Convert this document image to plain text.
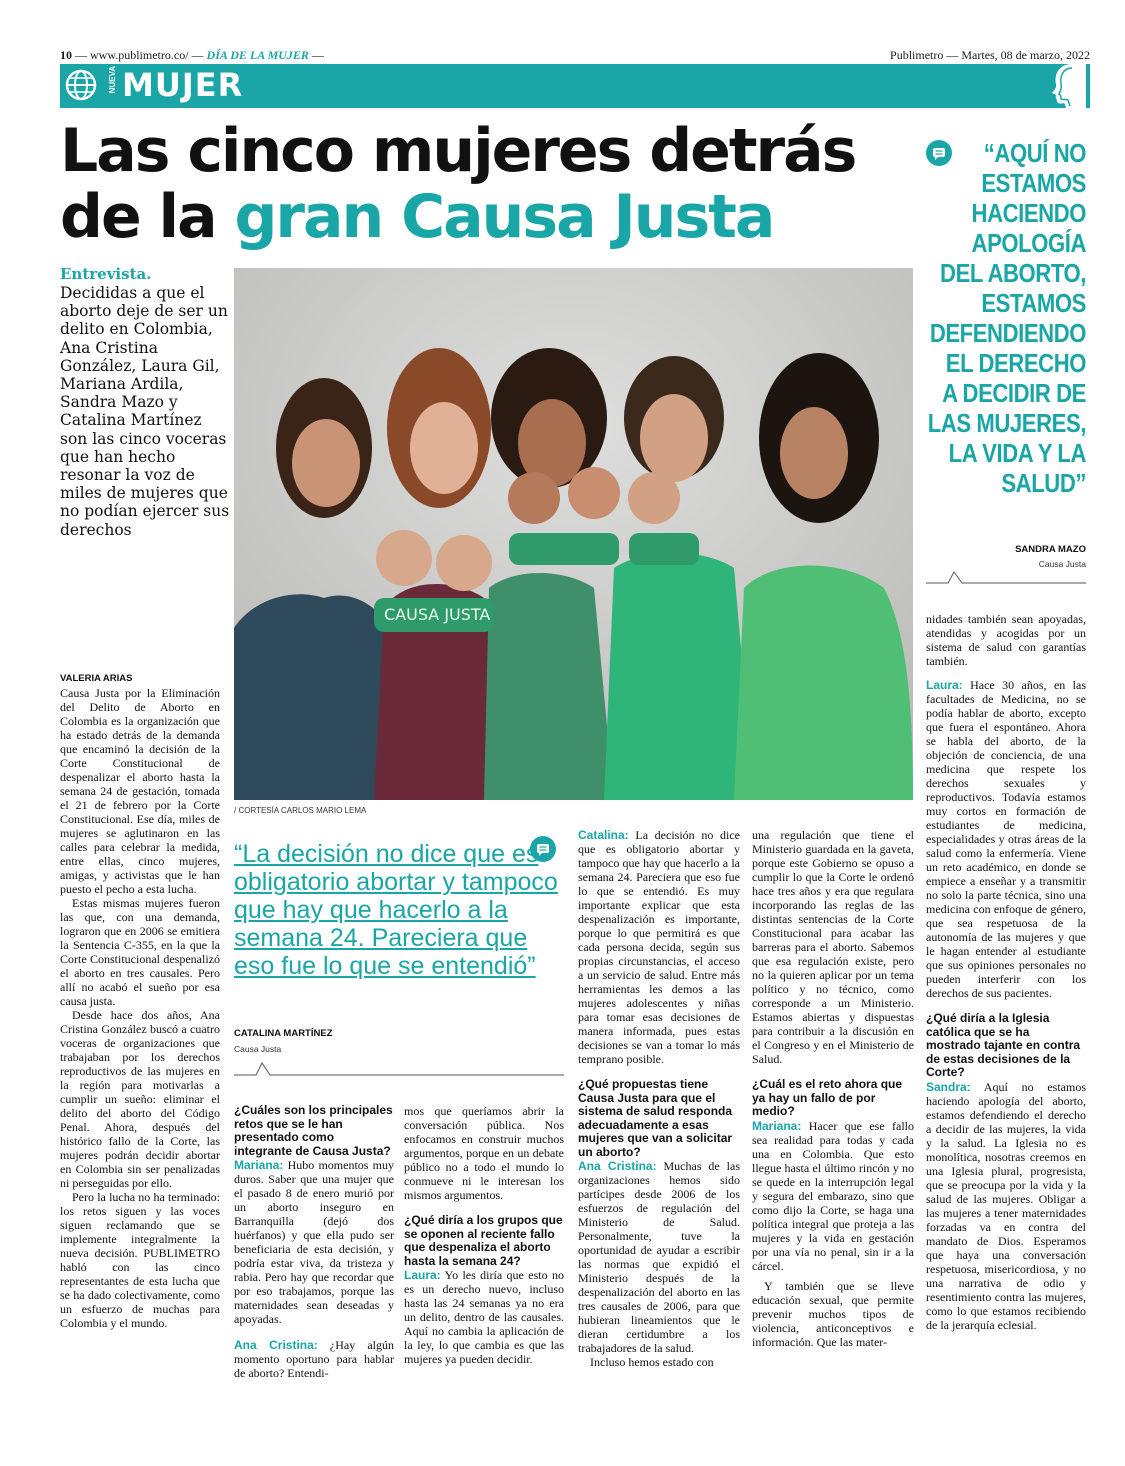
10 — www.publimetro.co/ — DÍA DE LA MUJER —	Publimetro — Martes, 08 de marzo, 2022
NUEVA MUJER
Las cinco mujeres detrás
de la gran Causa Justa
Entrevista.
Decididas a que el aborto deje de ser un delito en Colombia, Ana Cristina González, Laura Gil, Mariana Ardila, Sandra Mazo y Catalina Martínez son las cinco voceras que han hecho resonar la voz de miles de mujeres que no podían ejercer sus derechos
CAUSA JUSTA
/ CORTESÍA CARLOS MARIO LEMA
“AQUÍ NO ESTAMOS HACIENDO APOLOGÍA DEL ABORTO, ESTAMOS DEFENDIENDO EL DERECHO A DECIDIR DE LAS MUJERES, LA VIDA Y LA SALUD”
SANDRA MAZO
Causa Justa
VALERIA ARIAS

Causa Justa por la Eliminación del Delito de Aborto en Colombia es la organización que ha estado detrás de la demanda que encaminó la decisión de la Corte Constitucional de despenalizar el aborto hasta la semana 24 de gestación, tomada el 21 de febrero por la Corte Constitucional. Ese día, miles de mujeres se aglutinaron en las calles para celebrar la medida, entre ellas, cinco mujeres, amigas, y activistas que le han puesto el pecho a esta lucha.

Estas mismas mujeres fueron las que, con una demanda, lograron que en 2006 se emitiera la Sentencia C-355, en la que la Corte Constitucional despenalizó el aborto en tres causales. Pero allí no acabó el sueño por esa causa justa.

Desde hace dos años, Ana Cristina González buscó a cuatro voceras de organizaciones que trabajaban por los derechos reproductivos de las mujeres en la región para motivarlas a cumplir un sueño: eliminar el delito del aborto del Código Penal. Ahora, después del histórico fallo de la Corte, las mujeres podrán decidir abortar en Colombia sin ser penalizadas ni perseguidas por ello.

Pero la lucha no ha terminado: los retos siguen y las voces siguen reclamando que se implemente integralmente la nueva decisión. PUBLIMETRO habló con las cinco representantes de esta lucha que se ha dado colectivamente, como un esfuerzo de muchas para Colombia y el mundo.

“La decisión no dice que es obligatorio abortar y tampoco que hay que hacerlo a la semana 24. Pareciera que eso fue lo que se entendió”
CATALINA MARTÍNEZ
Causa Justa

¿Cuáles son los principales retos que se le han presentado como integrante de Causa Justa?

Mariana: Hubo momentos muy duros. Saber que una mujer que el pasado 8 de enero murió por un aborto inseguro en Barranquilla (dejó dos huérfanos) y que ella pudo ser beneficiaria de esta decisión, y podría estar viva, da tristeza y rabia. Pero hay que recordar que por eso trabajamos, porque las maternidades sean deseadas y apoyadas.

Ana Cristina: ¿Hay algún momento oportuno para hablar de aborto? Entendi-

mos que queríamos abrir la conversación pública. Nos enfocamos en construir muchos argumentos, porque en un debate público no a todo el mundo lo conmueve ni le interesan los mismos argumentos.

¿Qué diría a los grupos que se oponen al reciente fallo que despenaliza el aborto hasta la semana 24?

Laura: Yo les diría que esto no es un derecho nuevo, incluso hasta las 24 semanas ya no era un delito, dentro de las causales. Aquí no cambia la aplicación de la ley, lo que cambia es que las mujeres ya pueden decidir.

Catalina: La decisión no dice que es obligatorio abortar y tampoco que hay que hacerlo a la semana 24. Pareciera que eso fue lo que se entendió. Es muy importante explicar que esta despenalización es importante, porque lo que permitirá es que cada persona decida, según sus propias circunstancias, el acceso a un servicio de salud. Entre más herramientas les demos a las mujeres adolescentes y niñas para tomar esas decisiones de manera informada, pues estas decisiones se van a tomar lo más temprano posible.

¿Qué propuestas tiene Causa Justa para que el sistema de salud responda adecuadamente a esas mujeres que van a solicitar un aborto?

Ana Cristina: Muchas de las organizaciones hemos sido partícipes desde 2006 de los esfuerzos de regulación del Ministerio de Salud. Personalmente, tuve la oportunidad de ayudar a escribir las normas que expidió el Ministerio después de la despenalización del aborto en las tres causales de 2006, para que hubieran lineamientos que le dieran certidumbre a los trabajadores de la salud.

Incluso hemos estado con

una regulación que tiene el Ministerio guardada en la gaveta, porque este Gobierno se opuso a cumplir lo que la Corte le ordenó hace tres años y era que regulara incorporando las reglas de las distintas sentencias de la Corte Constitucional para acabar las barreras para el aborto. Sabemos que esa regulación existe, pero no la quieren aplicar por un tema político y no técnico, como corresponde a un Ministerio. Estamos abiertas y dispuestas para contribuir a la discusión en el Congreso y en el Ministerio de Salud.

¿Cuál es el reto ahora que ya hay un fallo de por medio?

Mariana: Hacer que ese fallo sea realidad para todas y cada una en Colombia. Que esto llegue hasta el último rincón y no se quede en la interrupción legal y segura del embarazo, sino que como dijo la Corte, se haga una política integral que proteja a las mujeres y la vida en gestación por una vía no penal, sin ir a la cárcel.

Y también que se lleve educación sexual, que permite prevenir muchos tipos de violencia, anticonceptivos e información. Que las mater-

nidades también sean apoyadas, atendidas y acogidas por un sistema de salud con garantías también.

Laura: Hace 30 años, en las facultades de Medicina, no se podía hablar de aborto, excepto que fuera el espontáneo. Ahora se habla del aborto, de la objeción de conciencia, de una medicina que respete los derechos sexuales y reproductivos. Todavía estamos muy cortos en formación de estudiantes de medicina, especialidades y otras áreas de la salud como la enfermería. Viene un reto académico, en donde se empiece a enseñar y a transmitir no solo la parte técnica, sino una medicina con enfoque de género, que sea respetuosa de la autonomía de las mujeres y que le hagan entender al estudiante que sus opiniones personales no pueden interferir con los derechos de sus pacientes.

¿Qué diría a la Iglesia católica que se ha mostrado tajante en contra de estas decisiones de la Corte?

Sandra: Aquí no estamos haciendo apología del aborto, estamos defendiendo el derecho a decidir de las mujeres, la vida y la salud. La Iglesia no es monolítica, nosotras creemos en una Iglesia plural, progresista, que se preocupa por la vida y la salud de las mujeres. Obligar a las mujeres a tener maternidades forzadas va en contra del mandato de Dios. Esperamos que haya una conversación respetuosa, misericordiosa, y no una narrativa de odio y resentimiento contra las mujeres, como lo que estamos recibiendo de la jerarquía eclesial.
